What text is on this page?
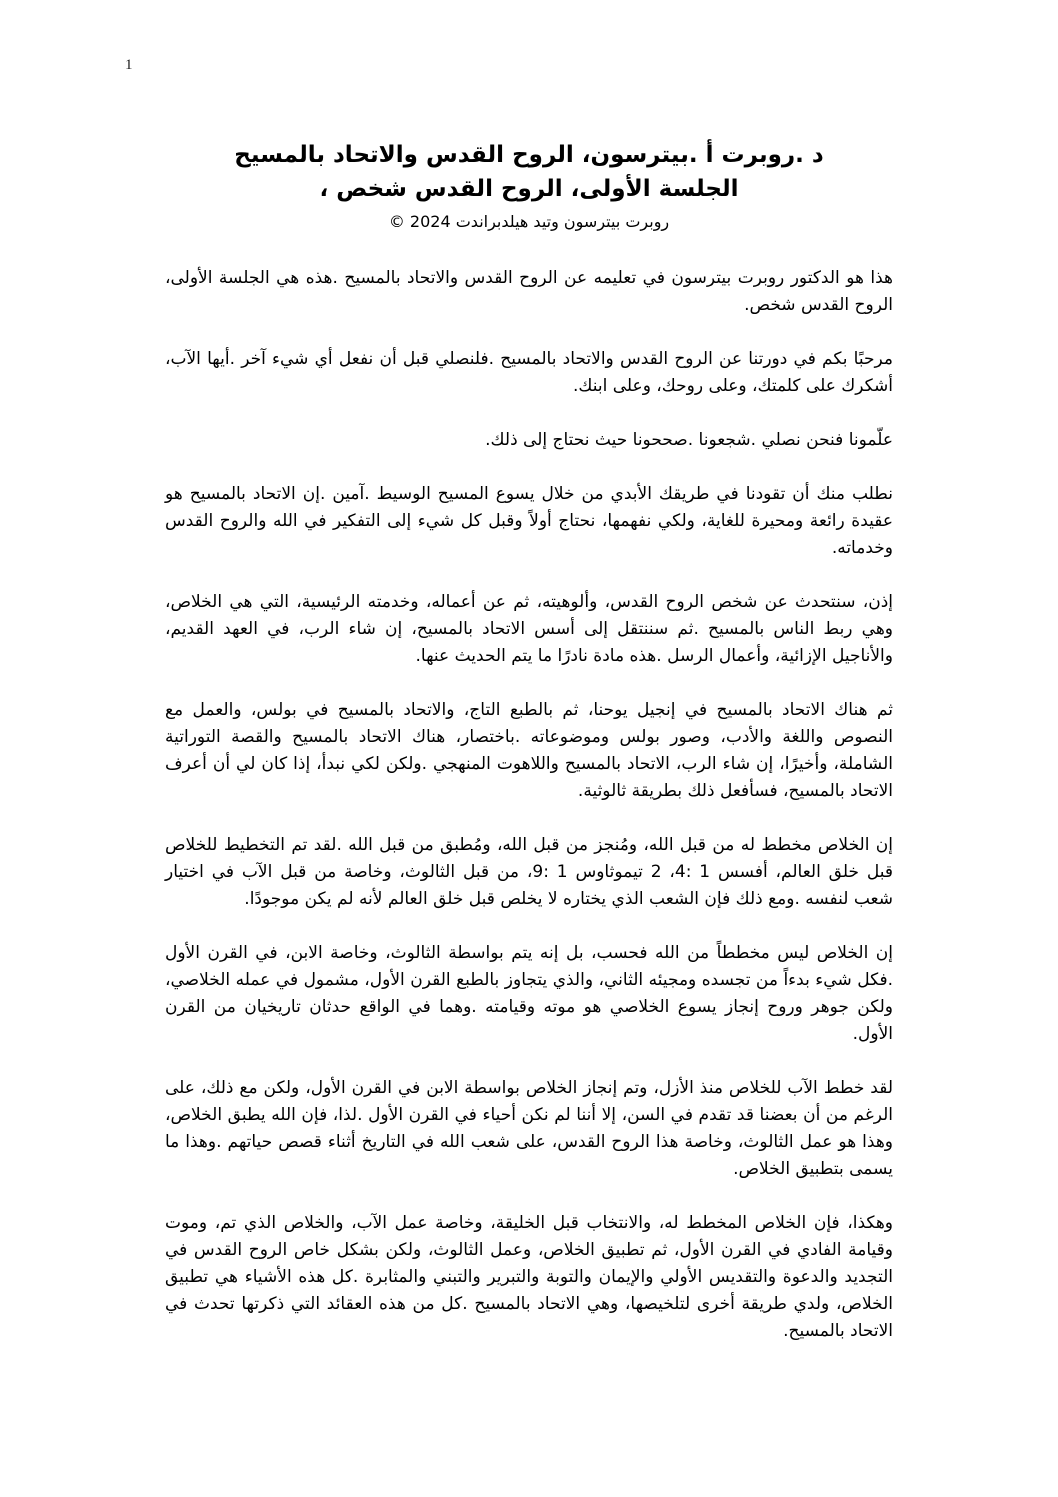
1
د .روبرت أ .بيترسون، الروح القدس والاتحاد بالمسيح
الجلسة الأولى، الروح القدس شخص ،
روبرت بيترسون وتيد هيلدبراندت 2024 ©

هذا هو الدكتور روبرت بيترسون في تعليمه عن الروح القدس والاتحاد بالمسيح .هذه هي الجلسة الأولى، الروح القدس شخص.

مرحبًا بكم في دورتنا عن الروح القدس والاتحاد بالمسيح .فلنصلي قبل أن نفعل أي شيء آخر .أيها الآب، أشكرك على كلمتك، وعلى روحك، وعلى ابنك.

علّمونا فنحن نصلي .شجعونا .صححونا حيث نحتاج إلى ذلك.

نطلب منك أن تقودنا في طريقك الأبدي من خلال يسوع المسيح الوسيط .آمين .إن الاتحاد بالمسيح هو عقيدة رائعة ومحيرة للغاية، ولكي نفهمها، نحتاج أولاً وقبل كل شيء إلى التفكير في الله والروح القدس وخدماته.

إذن، سنتحدث عن شخص الروح القدس، وألوهيته، ثم عن أعماله، وخدمته الرئيسية، التي هي الخلاص، وهي ربط الناس بالمسيح .ثم سننتقل إلى أسس الاتحاد بالمسيح، إن شاء الرب، في العهد القديم، والأناجيل الإزائية، وأعمال الرسل .هذه مادة نادرًا ما يتم الحديث عنها.

ثم هناك الاتحاد بالمسيح في إنجيل يوحنا، ثم بالطبع التاج، والاتحاد بالمسيح في بولس، والعمل مع النصوص واللغة والأدب، وصور بولس وموضوعاته .باختصار، هناك الاتحاد بالمسيح والقصة التوراتية الشاملة، وأخيرًا، إن شاء الرب، الاتحاد بالمسيح واللاهوت المنهجي .ولكن لكي نبدأ، إذا كان لي أن أعرف الاتحاد بالمسيح، فسأفعل ذلك بطريقة ثالوثية.

إن الخلاص مخطط له من قبل الله، ومُنجز من قبل الله، ومُطبق من قبل الله .لقد تم التخطيط للخلاص قبل خلق العالم، أفسس 1 :4، 2 تيموثاوس 1 :9، من قبل الثالوث، وخاصة من قبل الآب في اختيار شعب لنفسه .ومع ذلك فإن الشعب الذي يختاره لا يخلص قبل خلق العالم لأنه لم يكن موجودًا.

إن الخلاص ليس مخططاً من الله فحسب، بل إنه يتم بواسطة الثالوث، وخاصة الابن، في القرن الأول .فكل شيء بدءاً من تجسده ومجيئه الثاني، والذي يتجاوز بالطبع القرن الأول، مشمول في عمله الخلاصي، ولكن جوهر وروح إنجاز يسوع الخلاصي هو موته وقيامته .وهما في الواقع حدثان تاريخيان من القرن الأول.

لقد خطط الآب للخلاص منذ الأزل، وتم إنجاز الخلاص بواسطة الابن في القرن الأول، ولكن مع ذلك، على الرغم من أن بعضنا قد تقدم في السن، إلا أننا لم نكن أحياء في القرن الأول .لذا، فإن الله يطبق الخلاص، وهذا هو عمل الثالوث، وخاصة هذا الروح القدس، على شعب الله في التاريخ أثناء قصص حياتهم .وهذا ما يسمى بتطبيق الخلاص.

وهكذا، فإن الخلاص المخطط له، والانتخاب قبل الخليقة، وخاصة عمل الآب، والخلاص الذي تم، وموت وقيامة الفادي في القرن الأول، ثم تطبيق الخلاص، وعمل الثالوث، ولكن بشكل خاص الروح القدس في التجديد والدعوة والتقديس الأولي والإيمان والتوبة والتبرير والتبني والمثابرة .كل هذه الأشياء هي تطبيق الخلاص، ولدي طريقة أخرى لتلخيصها، وهي الاتحاد بالمسيح .كل من هذه العقائد التي ذكرتها تحدث في الاتحاد بالمسيح.
